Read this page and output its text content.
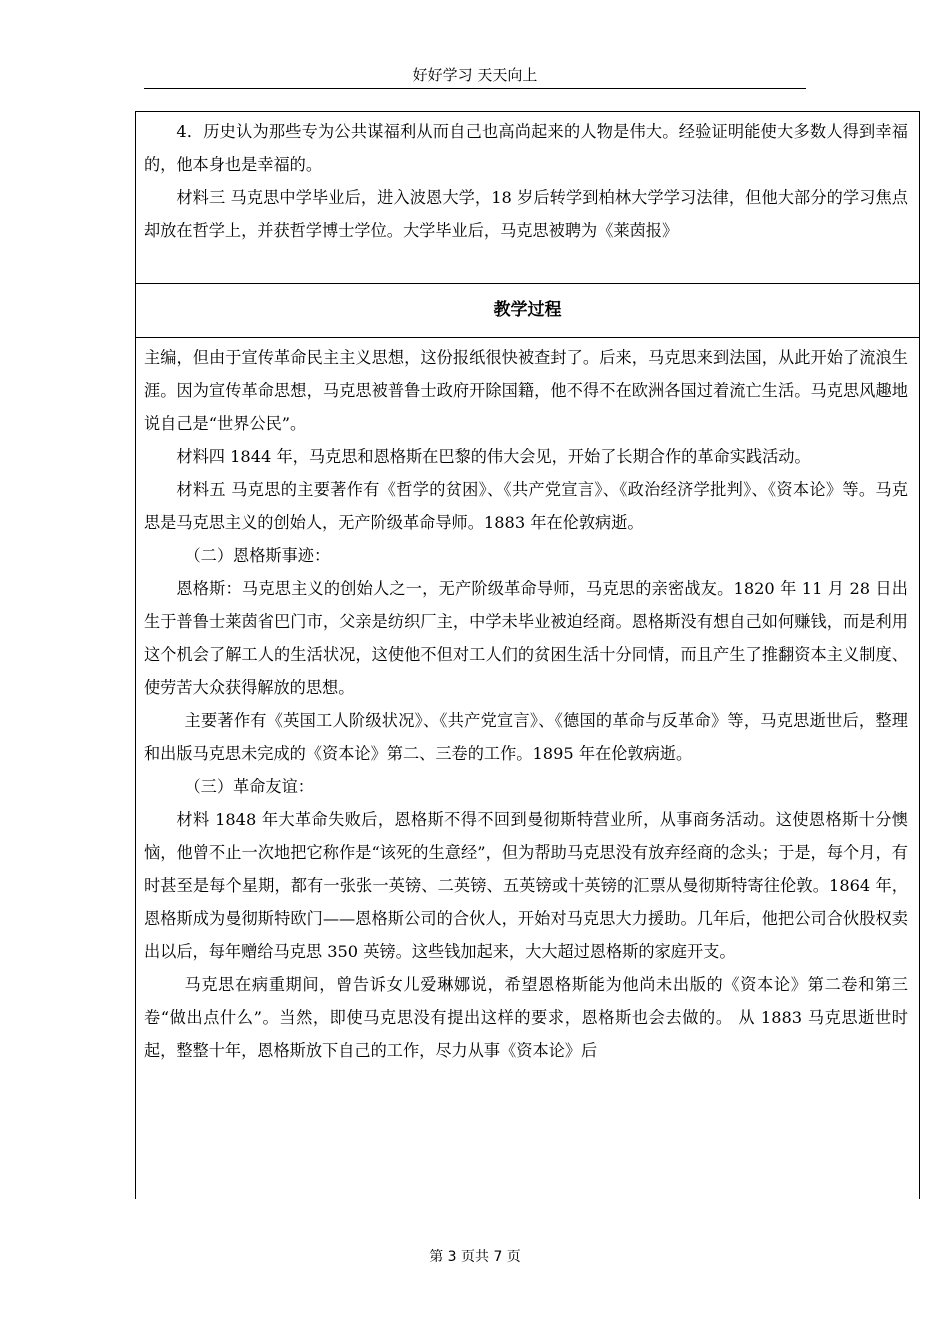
好好学习 天天向上

4．历史认为那些专为公共谋福利从而自己也高尚起来的人物是伟大。经验证明能使大多数人得到幸福的，他本身也是幸福的。

材料三 马克思中学毕业后，进入波恩大学，18 岁后转学到柏林大学学习法律，但他大部分的学习焦点却放在哲学上，并获哲学博士学位。大学毕业后，马克思被聘为《莱茵报》

教学过程

主编，但由于宣传革命民主主义思想，这份报纸很快被查封了。后来，马克思来到法国，从此开始了流浪生涯。因为宣传革命思想，马克思被普鲁士政府开除国籍，他不得不在欧洲各国过着流亡生活。马克思风趣地说自己是“世界公民”。

材料四 1844 年，马克思和恩格斯在巴黎的伟大会见，开始了长期合作的革命实践活动。

材料五 马克思的主要著作有《哲学的贫困》、《共产党宣言》、《政治经济学批判》、《资本论》等。马克思是马克思主义的创始人，无产阶级革命导师。1883 年在伦敦病逝。

（二）恩格斯事迹：

恩格斯：马克思主义的创始人之一，无产阶级革命导师，马克思的亲密战友。1820 年 11 月 28 日出生于普鲁士莱茵省巴门市，父亲是纺织厂主，中学未毕业被迫经商。恩格斯没有想自己如何赚钱，而是利用这个机会了解工人的生活状况，这使他不但对工人们的贫困生活十分同情，而且产生了推翻资本主义制度、使劳苦大众获得解放的思想。

主要著作有《英国工人阶级状况》、《共产党宣言》、《德国的革命与反革命》等，马克思逝世后，整理和出版马克思未完成的《资本论》第二、三卷的工作。1895 年在伦敦病逝。

（三）革命友谊：

材料 1848 年大革命失败后，恩格斯不得不回到曼彻斯特营业所，从事商务活动。这使恩格斯十分懊恼，他曾不止一次地把它称作是“该死的生意经”，但为帮助马克思没有放弃经商的念头；于是，每个月，有时甚至是每个星期，都有一张张一英镑、二英镑、五英镑或十英镑的汇票从曼彻斯特寄往伦敦。1864 年，恩格斯成为曼彻斯特欧门——恩格斯公司的合伙人，开始对马克思大力援助。几年后，他把公司合伙股权卖出以后，每年赠给马克思 350 英镑。这些钱加起来，大大超过恩格斯的家庭开支。

马克思在病重期间，曾告诉女儿爱琳娜说，希望恩格斯能为他尚未出版的《资本论》第二卷和第三卷“做出点什么”。当然，即使马克思没有提出这样的要求，恩格斯也会去做的。 从 1883 马克思逝世时起，整整十年，恩格斯放下自己的工作，尽力从事《资本论》后

第 3 页共 7 页
